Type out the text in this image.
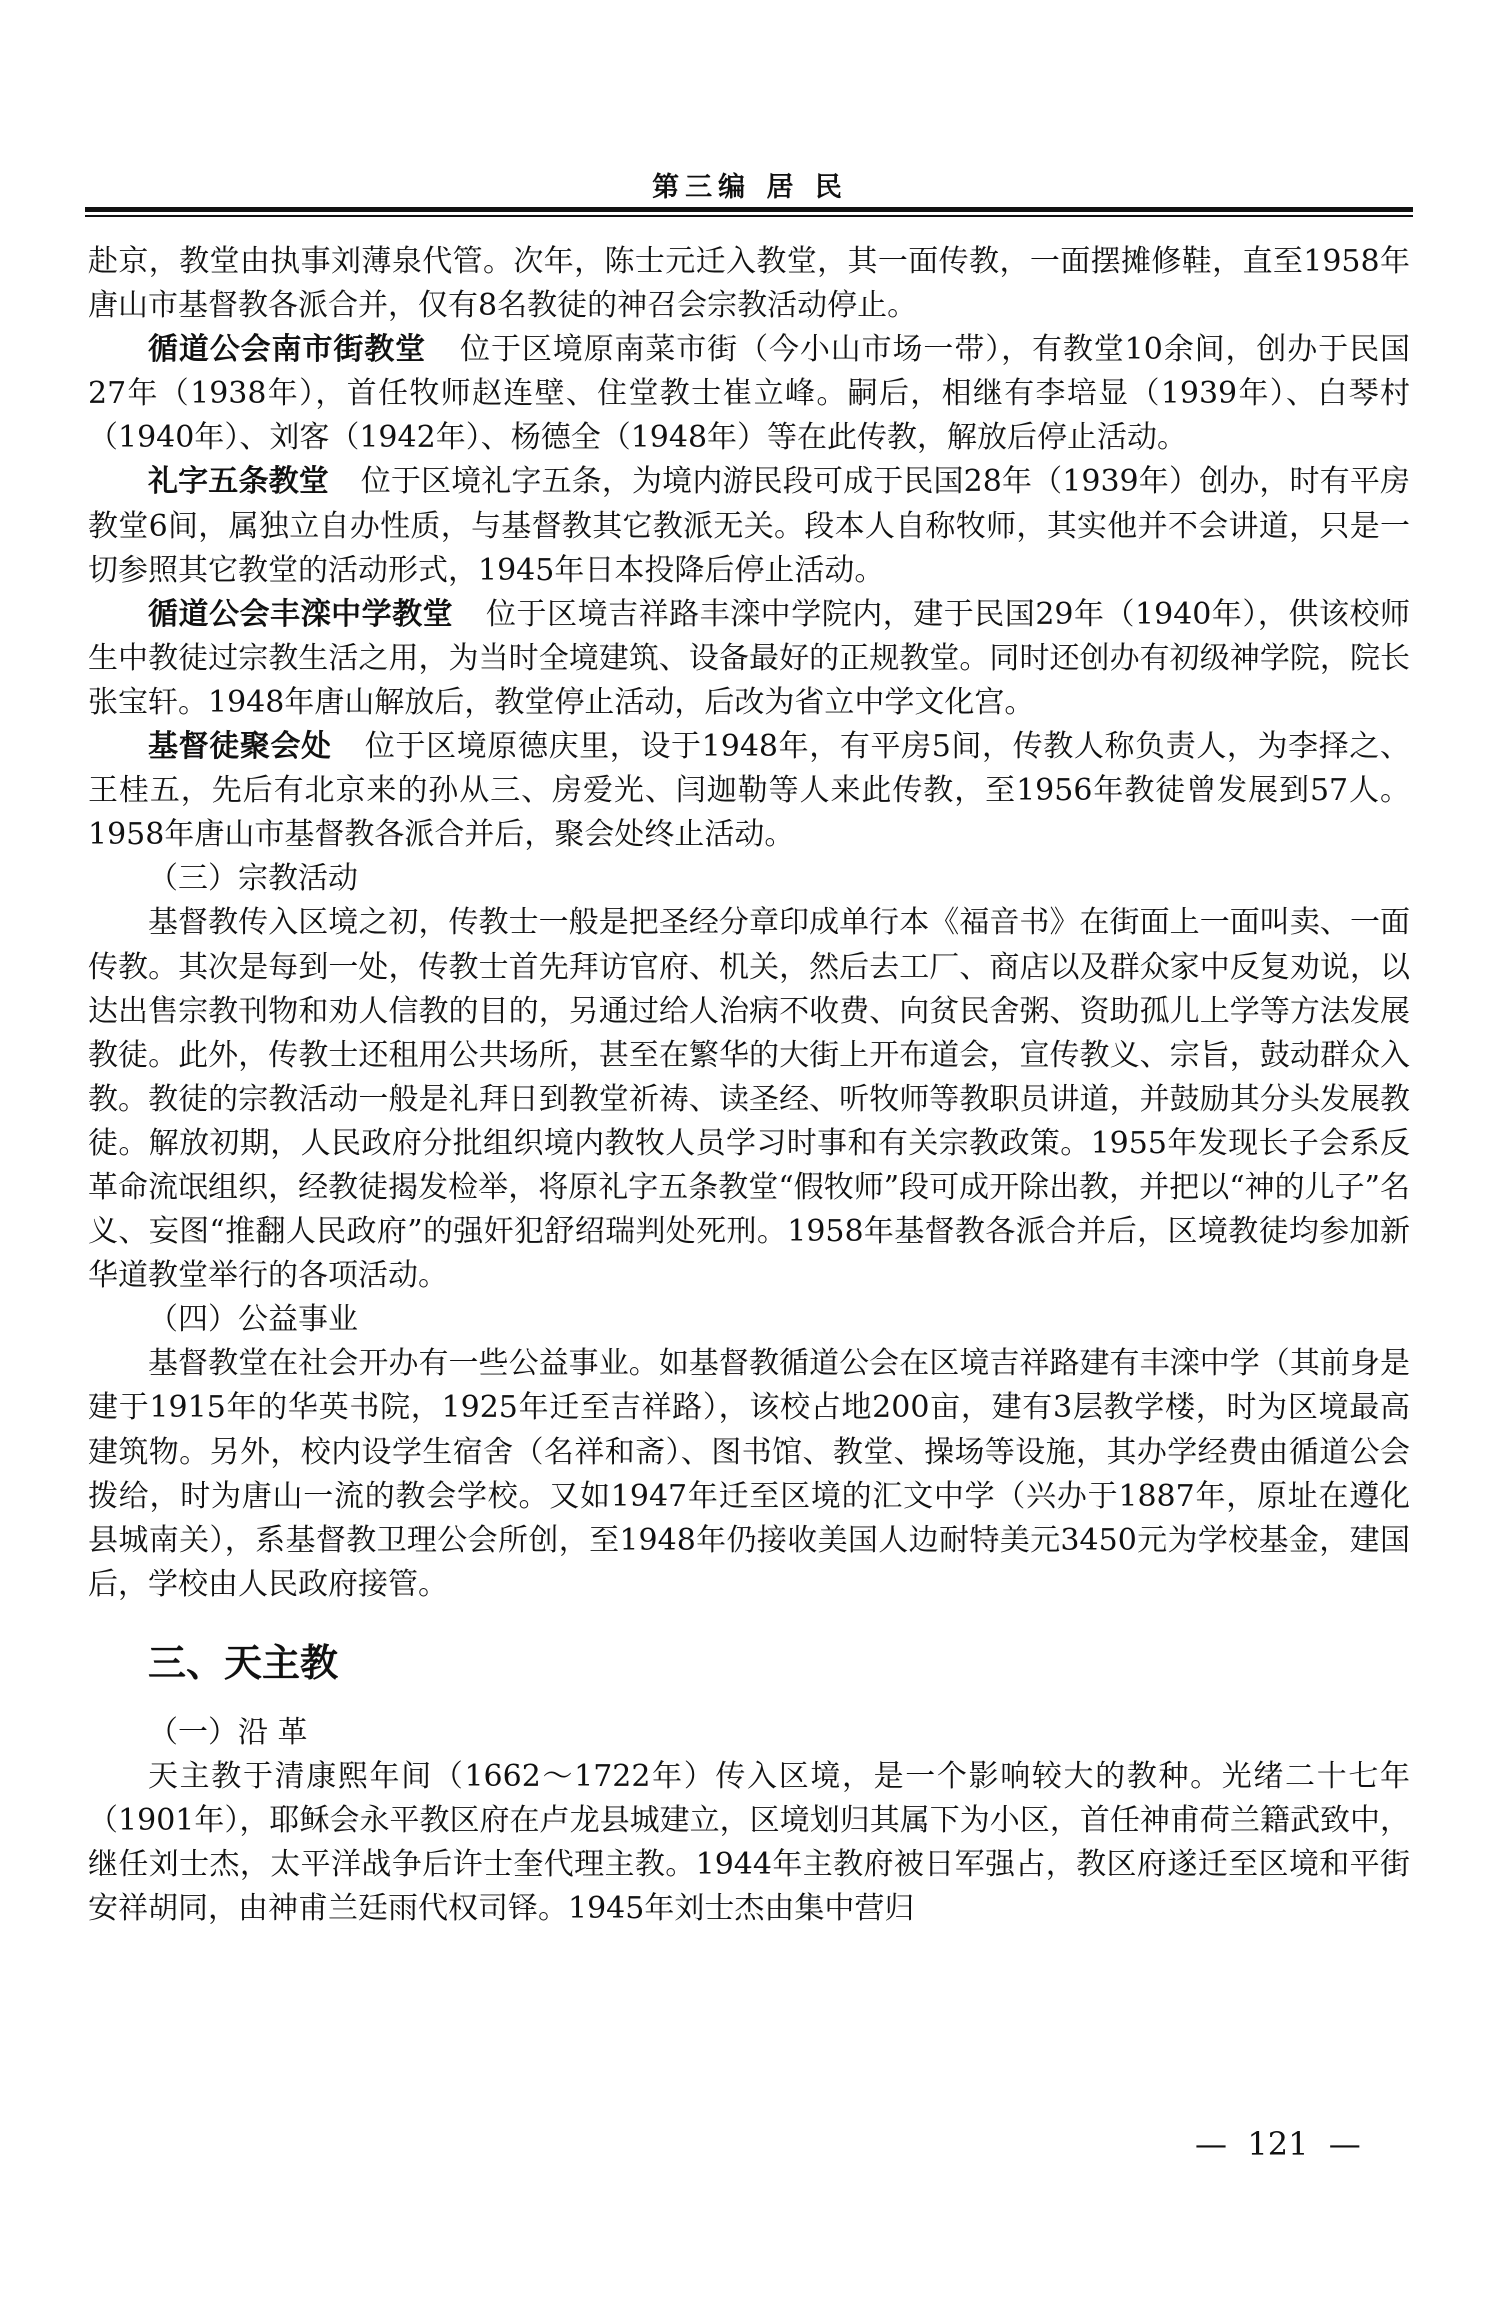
第三编 居 民

赴京，教堂由执事刘薄泉代管。次年，陈士元迁入教堂，其一面传教，一面摆摊修鞋，直至1958年唐山市基督教各派合并，仅有8名教徒的神召会宗教活动停止。

循道公会南市街教堂 位于区境原南菜市街（今小山市场一带），有教堂10余间，创办于民国27年（1938年），首任牧师赵连壁、住堂教士崔立峰。嗣后，相继有李培显（1939年）、白琴村（1940年）、刘客（1942年）、杨德全（1948年）等在此传教，解放后停止活动。

礼字五条教堂 位于区境礼字五条，为境内游民段可成于民国28年（1939年）创办，时有平房教堂6间，属独立自办性质，与基督教其它教派无关。段本人自称牧师，其实他并不会讲道，只是一切参照其它教堂的活动形式，1945年日本投降后停止活动。

循道公会丰滦中学教堂 位于区境吉祥路丰滦中学院内，建于民国29年（1940年），供该校师生中教徒过宗教生活之用，为当时全境建筑、设备最好的正规教堂。同时还创办有初级神学院，院长张宝轩。1948年唐山解放后，教堂停止活动，后改为省立中学文化宫。

基督徒聚会处 位于区境原德庆里，设于1948年，有平房5间，传教人称负责人，为李择之、王桂五，先后有北京来的孙从三、房爱光、闫迦勒等人来此传教，至1956年教徒曾发展到57人。1958年唐山市基督教各派合并后，聚会处终止活动。

（三）宗教活动

基督教传入区境之初，传教士一般是把圣经分章印成单行本《福音书》在街面上一面叫卖、一面传教。其次是每到一处，传教士首先拜访官府、机关，然后去工厂、商店以及群众家中反复劝说，以达出售宗教刊物和劝人信教的目的，另通过给人治病不收费、向贫民舍粥、资助孤儿上学等方法发展教徒。此外，传教士还租用公共场所，甚至在繁华的大街上开布道会，宣传教义、宗旨，鼓动群众入教。教徒的宗教活动一般是礼拜日到教堂祈祷、读圣经、听牧师等教职员讲道，并鼓励其分头发展教徒。解放初期，人民政府分批组织境内教牧人员学习时事和有关宗教政策。1955年发现长子会系反革命流氓组织，经教徒揭发检举，将原礼字五条教堂“假牧师”段可成开除出教，并把以“神的儿子”名义、妄图“推翻人民政府”的强奸犯舒绍瑞判处死刑。1958年基督教各派合并后，区境教徒均参加新华道教堂举行的各项活动。

（四）公益事业

基督教堂在社会开办有一些公益事业。如基督教循道公会在区境吉祥路建有丰滦中学（其前身是建于1915年的华英书院，1925年迁至吉祥路），该校占地200亩，建有3层教学楼，时为区境最高建筑物。另外，校内设学生宿舍（名祥和斋）、图书馆、教堂、操场等设施，其办学经费由循道公会拨给，时为唐山一流的教会学校。又如1947年迁至区境的汇文中学（兴办于1887年，原址在遵化县城南关），系基督教卫理公会所创，至1948年仍接收美国人边耐特美元3450元为学校基金，建国后，学校由人民政府接管。

三、天主教

（一）沿 革

天主教于清康熙年间（1662～1722年）传入区境，是一个影响较大的教种。光绪二十七年（1901年），耶稣会永平教区府在卢龙县城建立，区境划归其属下为小区，首任神甫荷兰籍武致中，继任刘士杰，太平洋战争后许士奎代理主教。1944年主教府被日军强占，教区府遂迁至区境和平街安祥胡同，由神甫兰廷雨代权司铎。1945年刘士杰由集中营归

—  121  —
